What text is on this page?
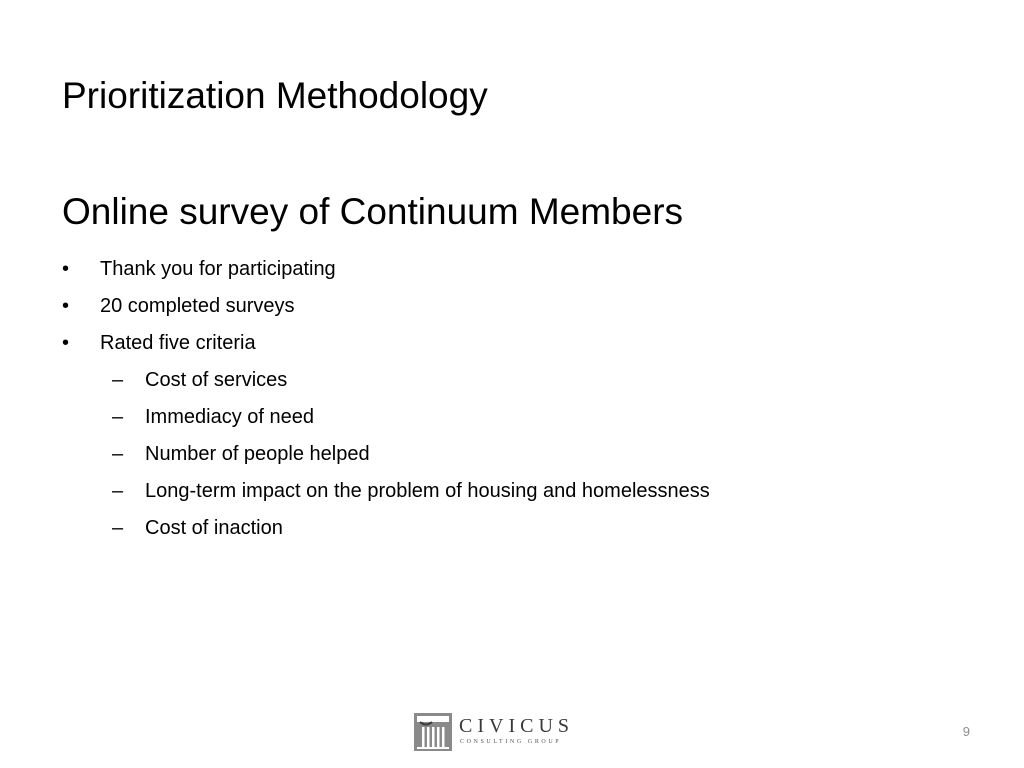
Prioritization Methodology
Online survey of Continuum Members
•	Thank you for participating
•	20 completed surveys
•	Rated five criteria
–	Cost of services
–	Immediacy of need
–	Number of people helped
–	Long-term impact on the problem of housing and homelessness
–	Cost of inaction
CIVICUS
CONSULTING GROUP
9
